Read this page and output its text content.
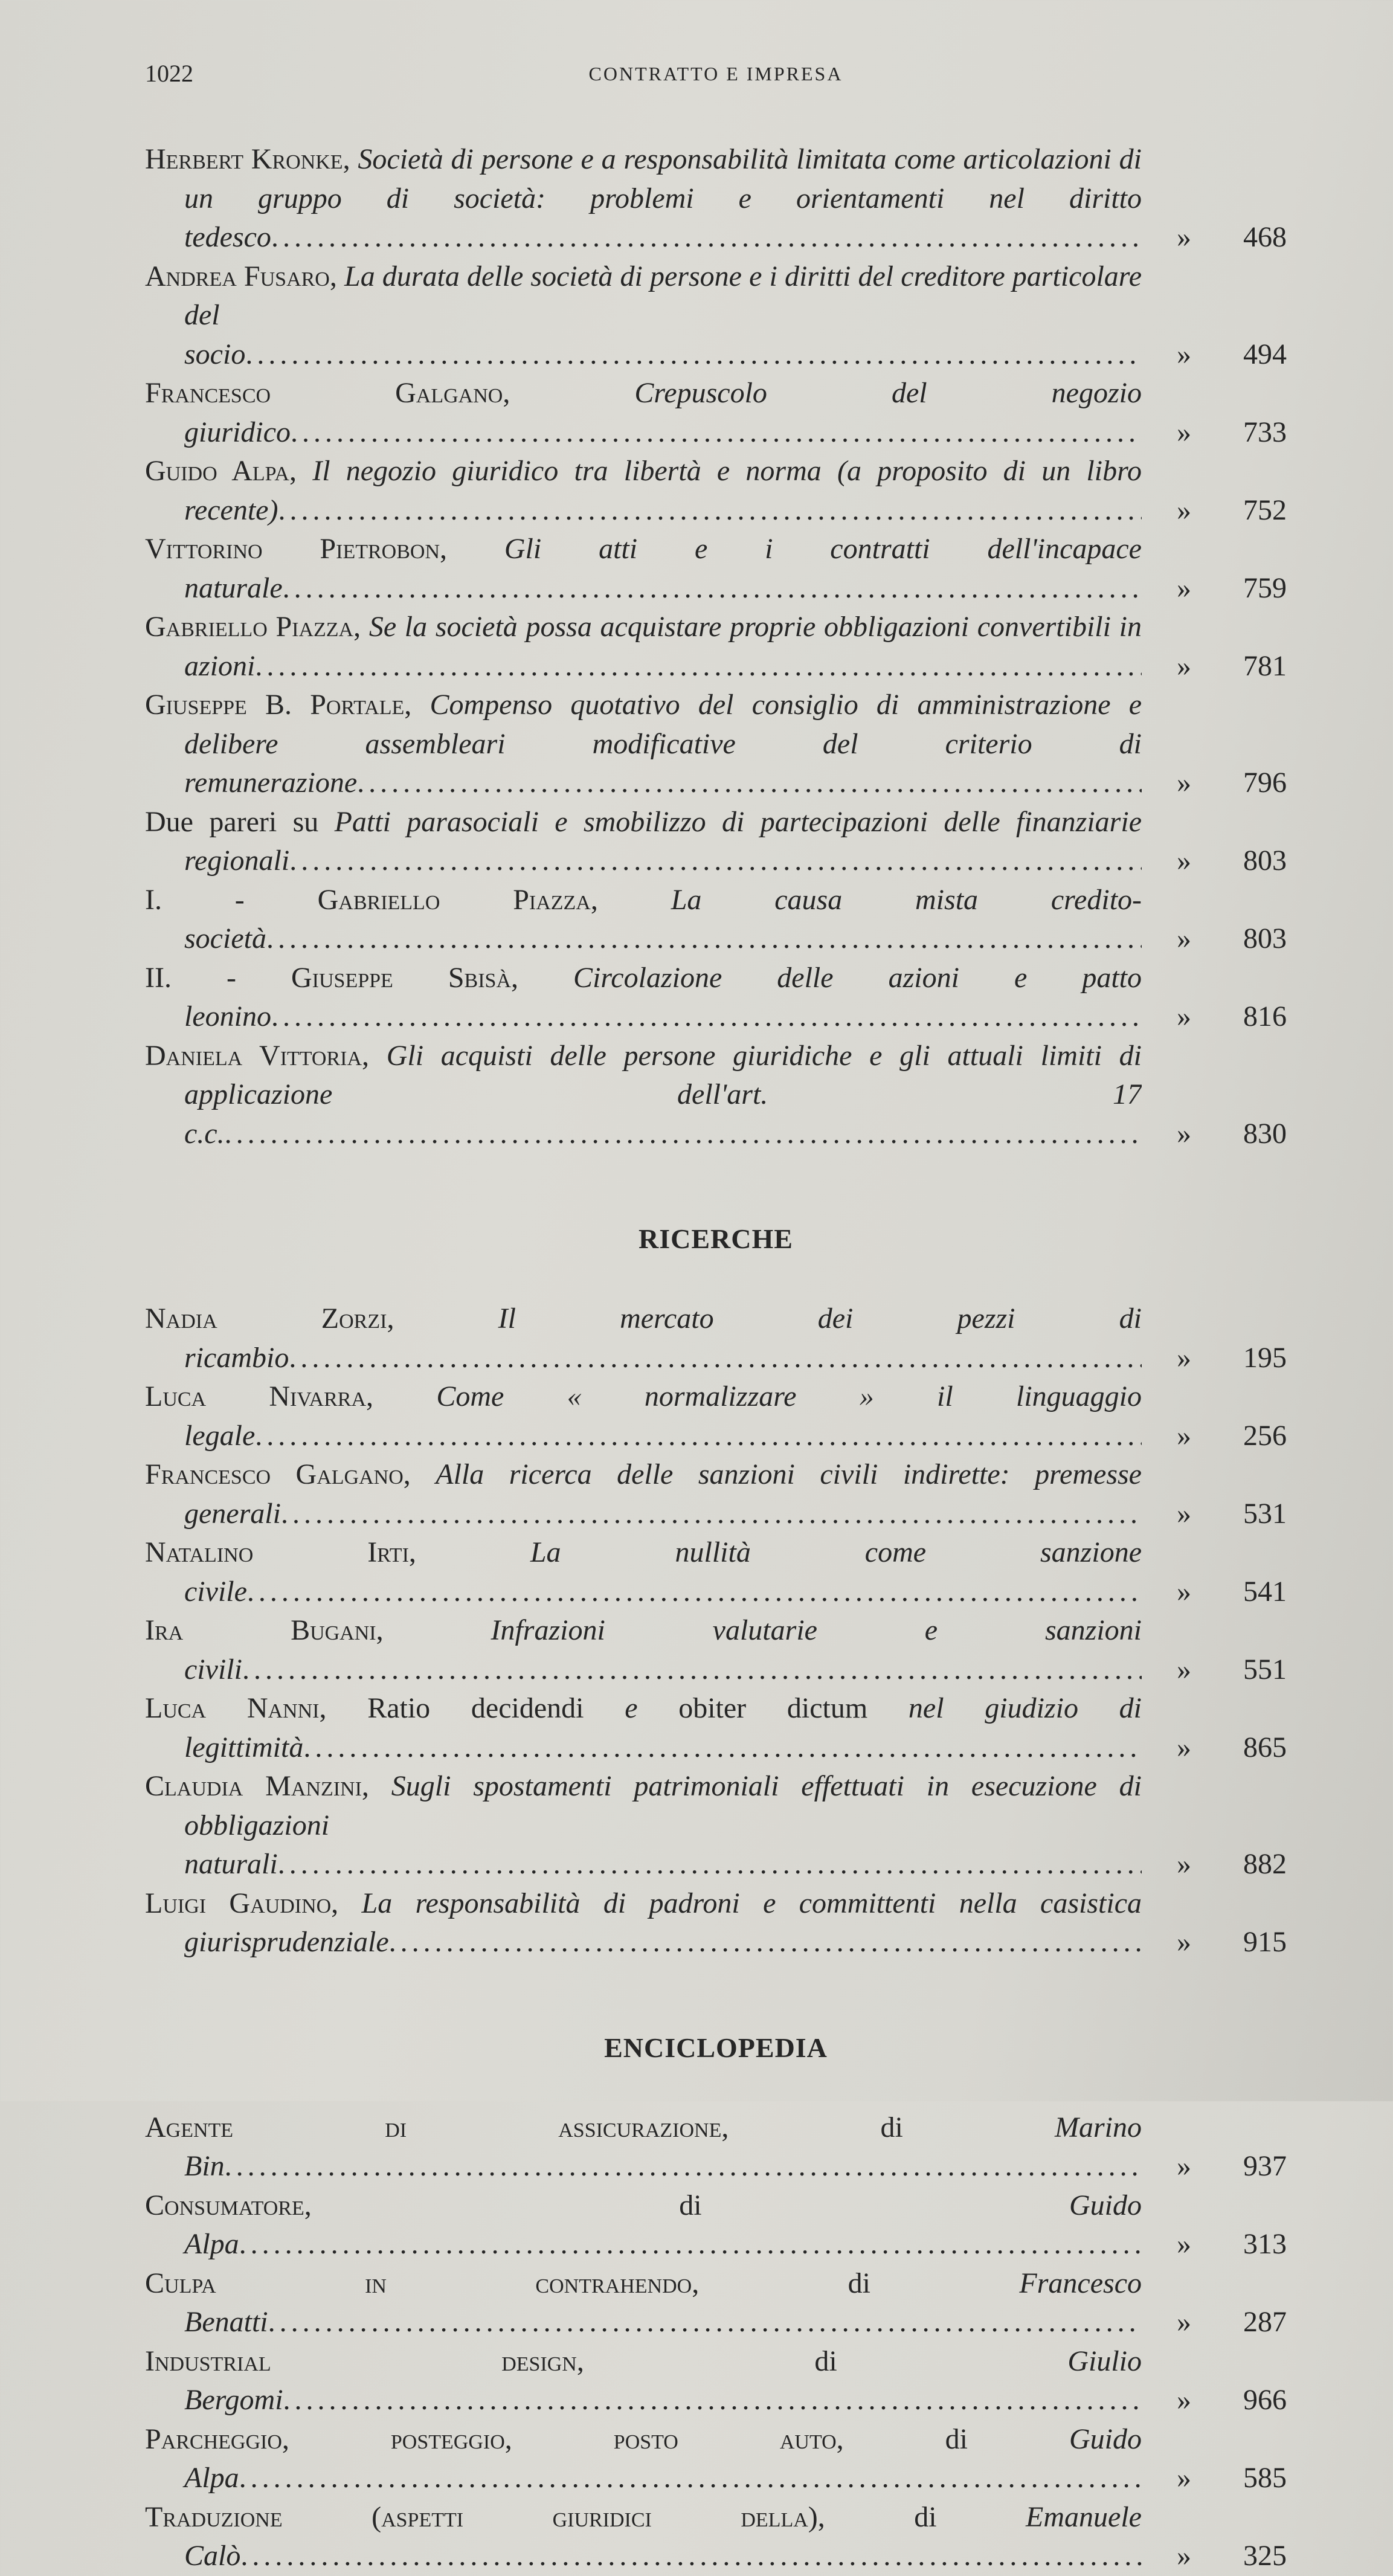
1022	CONTRATTO E IMPRESA
Herbert Kronke, Società di persone e a responsabilità limitata come articolazioni di un gruppo di società: problemi e orientamenti nel diritto tedesco .....	»	468
Andrea Fusaro, La durata delle società di persone e i diritti del creditore particolare del socio .....	»	494
Francesco Galgano, Crepuscolo del negozio giuridico .....	»	733
Guido Alpa, Il negozio giuridico tra libertà e norma (a proposito di un libro recente) .....	»	752
Vittorino Pietrobon, Gli atti e i contratti dell'incapace naturale .....	»	759
Gabriello Piazza, Se la società possa acquistare proprie obbligazioni convertibili in azioni .....	»	781
Giuseppe B. Portale, Compenso quotativo del consiglio di amministrazione e delibere assembleari modificative del criterio di remunerazione .....	»	796
Due pareri su Patti parasociali e smobilizzo di partecipazioni delle finanziarie regionali .....	»	803
I. - Gabriello Piazza, La causa mista credito-società .....	»	803
II. - Giuseppe Sbisà, Circolazione delle azioni e patto leonino .....	»	816
Daniela Vittoria, Gli acquisti delle persone giuridiche e gli attuali limiti di applicazione dell'art. 17 c.c. .....	»	830
RICERCHE
Nadia Zorzi, Il mercato dei pezzi di ricambio .....	»	195
Luca Nivarra, Come « normalizzare » il linguaggio legale .....	»	256
Francesco Galgano, Alla ricerca delle sanzioni civili indirette: premesse generali .....	»	531
Natalino Irti, La nullità come sanzione civile .....	»	541
Ira Bugani, Infrazioni valutarie e sanzioni civili .....	»	551
Luca Nanni, Ratio decidendi e obiter dictum nel giudizio di legittimità .....	»	865
Claudia Manzini, Sugli spostamenti patrimoniali effettuati in esecuzione di obbligazioni naturali .....	»	882
Luigi Gaudino, La responsabilità di padroni e committenti nella casistica giurisprudenziale .....	»	915
ENCICLOPEDIA
Agente di assicurazione, di Marino Bin .....	»	937
Consumatore, di Guido Alpa .....	»	313
Culpa in contrahendo, di Francesco Benatti .....	»	287
Industrial design, di Giulio Bergomi .....	»	966
Parcheggio, posteggio, posto auto, di Guido Alpa .....	»	585
Traduzione (aspetti giuridici della), di Emanuele Calò .....	»	325
